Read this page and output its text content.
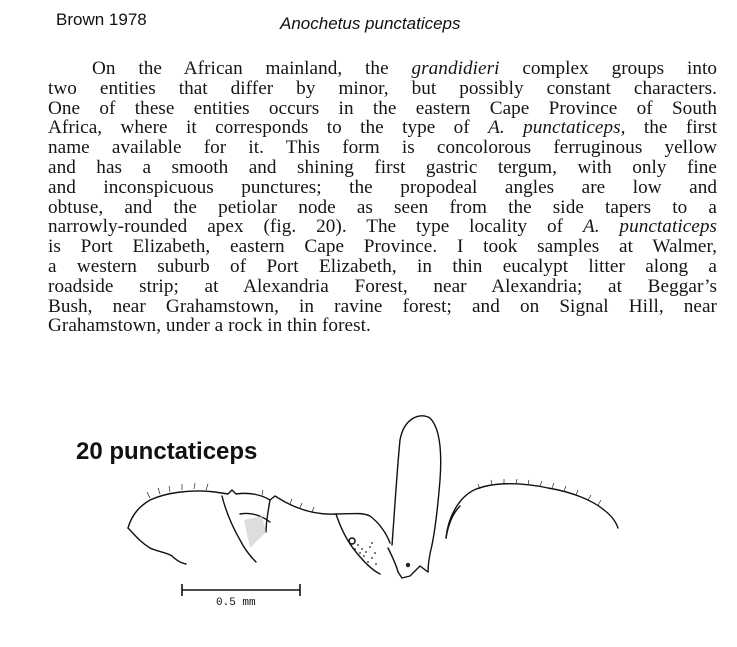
Brown 1978	Anochetus punctaticeps
On the African mainland, the grandidieri complex groups into
two entities that differ by minor, but possibly constant characters.
One of these entities occurs in the eastern Cape Province of South
Africa, where it corresponds to the type of A. punctaticeps, the first
name available for it. This form is concolorous ferruginous yellow
and has a smooth and shining first gastric tergum, with only fine
and inconspicuous punctures; the propodeal angles are low and
obtuse, and the petiolar node as seen from the side tapers to a
narrowly-rounded apex (fig. 20). The type locality of A. punctaticeps
is Port Elizabeth, eastern Cape Province. I took samples at Walmer,
a western suburb of Port Elizabeth, in thin eucalypt litter along a
roadside strip; at Alexandria Forest, near Alexandria; at Beggar’s
Bush, near Grahamstown, in ravine forest; and on Signal Hill, near
Grahamstown, under a rock in thin forest.
20 punctaticeps
0.5 mm
